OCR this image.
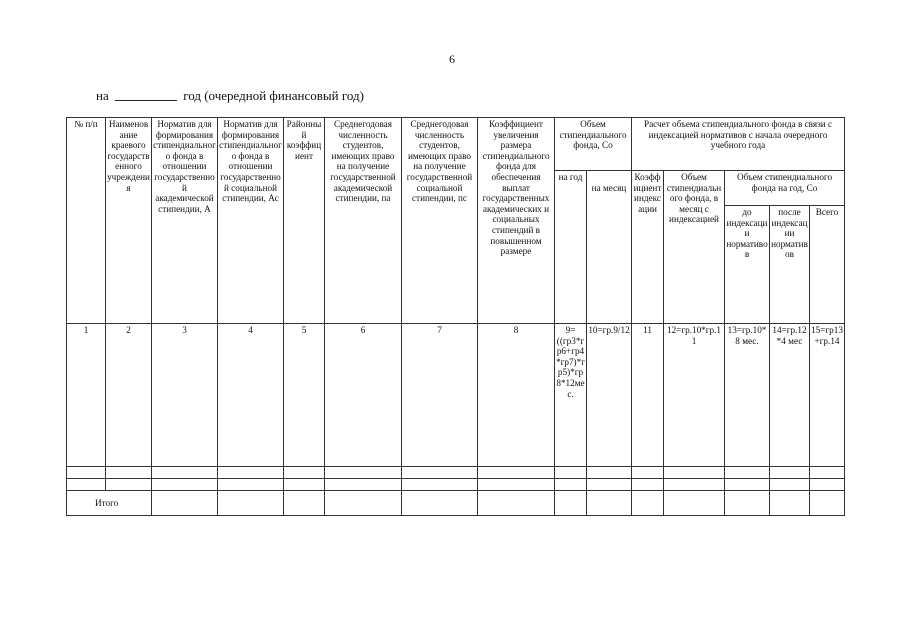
6
на	год (очередной финансовый год)
№ п/п	Наименование краевого государственного учреждения	Норматив для формирования стипендиального фонда в отношении государственной академической стипендии, А	Норматив для формирования стипендиального фонда в отношении государственной социальной стипендии, Ас	Районный коэффициент	Среднегодовая численность студентов, имеющих право на получение государственной академической стипендии, па	Среднегодовая численность студентов, имеющих право на получение государственной социальной стипендии, пс	Коэффициент увеличения размера стипендиального фонда для обеспечения выплат государственных академических и социальных стипендий в повышенном размере	Объем стипендиального фонда, Со		Расчет объема стипендиального фонда в связи с индексацией нормативов с начала очередного учебного года				
								на год	на месяц	Коэффициент индексации	Объем стипендиального фонда, в месяц с индексацией	Объем стипендиального фонда на год, Со		
												до индексации нормативов	после индексации нормативов	Всего
1	2	3	4	5	6	7	8	9=((гр3*гр6+гр4*гр7)*гр5)*гр8*12мес.	10=гр.9/12	11	12=гр.10*гр.11	13=гр.10*8 мес.	14=гр.12*4 мес	15=гр13+гр.14

Итого														
